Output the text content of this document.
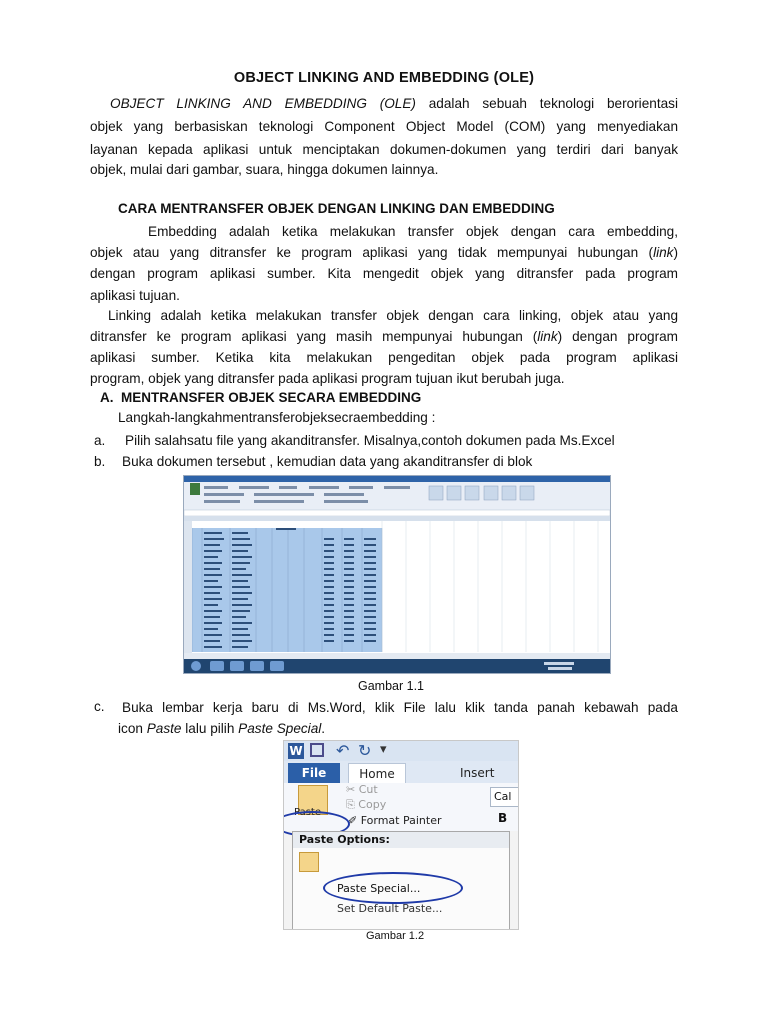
OBJECT LINKING AND EMBEDDING (OLE)
OBJECT LINKING AND EMBEDDING (OLE) adalah sebuah teknologi berorientasi
objek yang berbasiskan teknologi Component Object Model (COM) yang menyediakan
layanan kepada aplikasi untuk menciptakan dokumen-dokumen yang terdiri dari banyak
objek, mulai dari gambar, suara, hingga dokumen lainnya.
CARA MENTRANSFER OBJEK DENGAN LINKING DAN EMBEDDING
Embedding adalah ketika melakukan transfer objek dengan cara embedding,
objek atau yang ditransfer ke program aplikasi yang tidak mempunyai hubungan (link)
dengan program aplikasi sumber. Kita mengedit objek yang ditransfer pada program
aplikasi tujuan.
Linking adalah ketika melakukan transfer objek dengan cara linking, objek atau yang
ditransfer ke program aplikasi yang masih mempunyai hubungan (link) dengan program
aplikasi sumber. Ketika kita melakukan pengeditan objek pada program aplikasi
program, objek yang ditransfer pada aplikasi program tujuan ikut berubah juga.
A. MENTRANSFER OBJEK SECARA EMBEDDING
Langkah-langkahmentransferobjeksecraembedding :
a. Pilih salahsatu file yang akanditransfer. Misalnya,contoh dokumen pada Ms.Excel
b. Buka dokumen tersebut , kemudian data yang akanditransfer di blok
Gambar 1.1
c. Buka lembar kerja baru di Ms.Word, klik File lalu klik tanda panah kebawah pada
icon Paste lalu pilih Paste Special.
W ↶ ↻ ▾
File	Home	Insert
Paste
✂ Cut
⎘ Copy
✐ Format Painter
Cal
B
Paste Options:
Paste Special...
Set Default Paste...
Gambar 1.2
